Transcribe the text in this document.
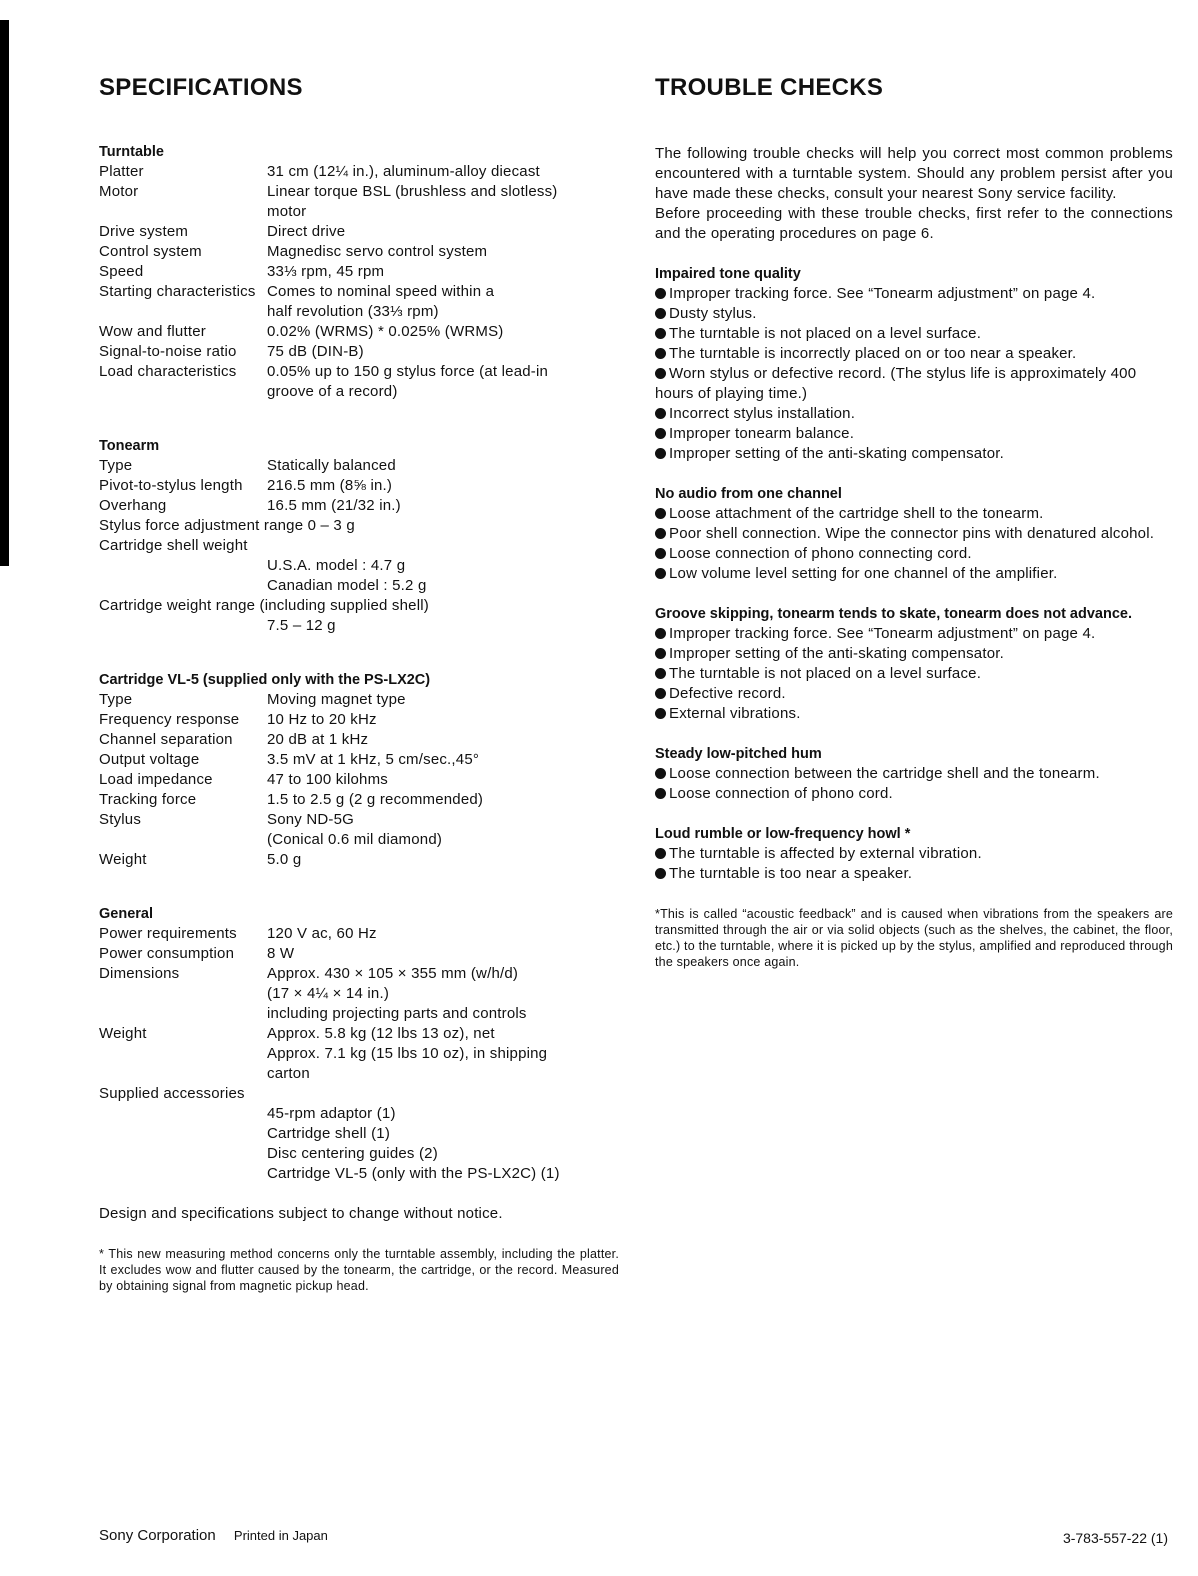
SPECIFICATIONS
Turntable
Platter	31 cm (12¼ in.), aluminum-alloy diecast

Motor	Linear torque BSL (brushless and slotless)

motor

Drive system	Direct drive

Control system	Magnedisc servo control system

Speed	33⅓ rpm, 45 rpm

Starting characteristics Comes to nominal speed within a

half revolution (33⅓ rpm)

Wow and flutter	0.02% (WRMS) * 0.025% (WRMS)

Signal-to-noise ratio	75 dB (DIN-B)

Load characteristics	0.05% up to 150 g stylus force (at lead-in

groove of a record)

Tonearm
Type	Statically balanced
Pivot-to-stylus length	216.5 mm (8⅝ in.)
Overhang	16.5 mm (21/32 in.)
Stylus force adjustment range 0 – 3 g
Cartridge shell weight
U.S.A. model : 4.7 g
Canadian model : 5.2 g
Cartridge weight range (including supplied shell)
7.5 – 12 g
Cartridge VL-5 (supplied only with the PS-LX2C)
Type	Moving magnet type

Frequency response	10 Hz to 20 kHz

Channel separation	20 dB at 1 kHz

Output voltage	3.5 mV at 1 kHz, 5 cm/sec.,45°

Load impedance	47 to 100 kilohms

Tracking force	1.5 to 2.5 g (2 g recommended)

Stylus	Sony ND-5G

(Conical 0.6 mil diamond)

Weight	5.0 g

General
Power requirements	120 V ac, 60 Hz

Power consumption	8 W

Dimensions	Approx. 430 × 105 × 355 mm (w/h/d)

(17 × 4¼ × 14 in.)

including projecting parts and controls

Weight	Approx. 5.8 kg (12 lbs 13 oz), net

Approx. 7.1 kg (15 lbs 10 oz), in shipping

carton

Supplied accessories
45-rpm adaptor (1)
Cartridge shell (1)
Disc centering guides (2)
Cartridge VL-5 (only with the PS-LX2C) (1)
Design and specifications subject to change without notice.
* This new measuring method concerns only the turntable assembly, including the platter. It excludes wow and flutter caused by the tonearm, the cartridge, or the record. Measured by obtaining signal from magnetic pickup head.
TROUBLE CHECKS

The following trouble checks will help you correct most common problems encountered with a turntable system. Should any problem persist after you have made these checks, consult your nearest Sony service facility.

Before proceeding with these trouble checks, first refer to the connections and the operating procedures on page 6.

Impaired tone quality
Improper tracking force. See “Tonearm adjustment” on page 4.
Dusty stylus.
The turntable is not placed on a level surface.
The turntable is incorrectly placed on or too near a speaker.
Worn stylus or defective record. (The stylus life is approximately 400 hours of playing time.)
Incorrect stylus installation.
Improper tonearm balance.
Improper setting of the anti-skating compensator.
No audio from one channel
Loose attachment of the cartridge shell to the tonearm.
Poor shell connection. Wipe the connector pins with denatured alcohol.
Loose connection of phono connecting cord.
Low volume level setting for one channel of the amplifier.
Groove skipping, tonearm tends to skate, tonearm does not advance.
Improper tracking force. See “Tonearm adjustment” on page 4.
Improper setting of the anti-skating compensator.
The turntable is not placed on a level surface.
Defective record.
External vibrations.
Steady low-pitched hum
Loose connection between the cartridge shell and the tonearm.
Loose connection of phono cord.
Loud rumble or low-frequency howl *
The turntable is affected by external vibration.
The turntable is too near a speaker.
*This is called “acoustic feedback” and is caused when vibrations from the speakers are transmitted through the air or via solid objects (such as the shelves, the cabinet, the floor, etc.) to the turntable, where it is picked up by the stylus, amplified and reproduced through the speakers once again.
Sony Corporation Printed in Japan	3-783-557-22 (1)
